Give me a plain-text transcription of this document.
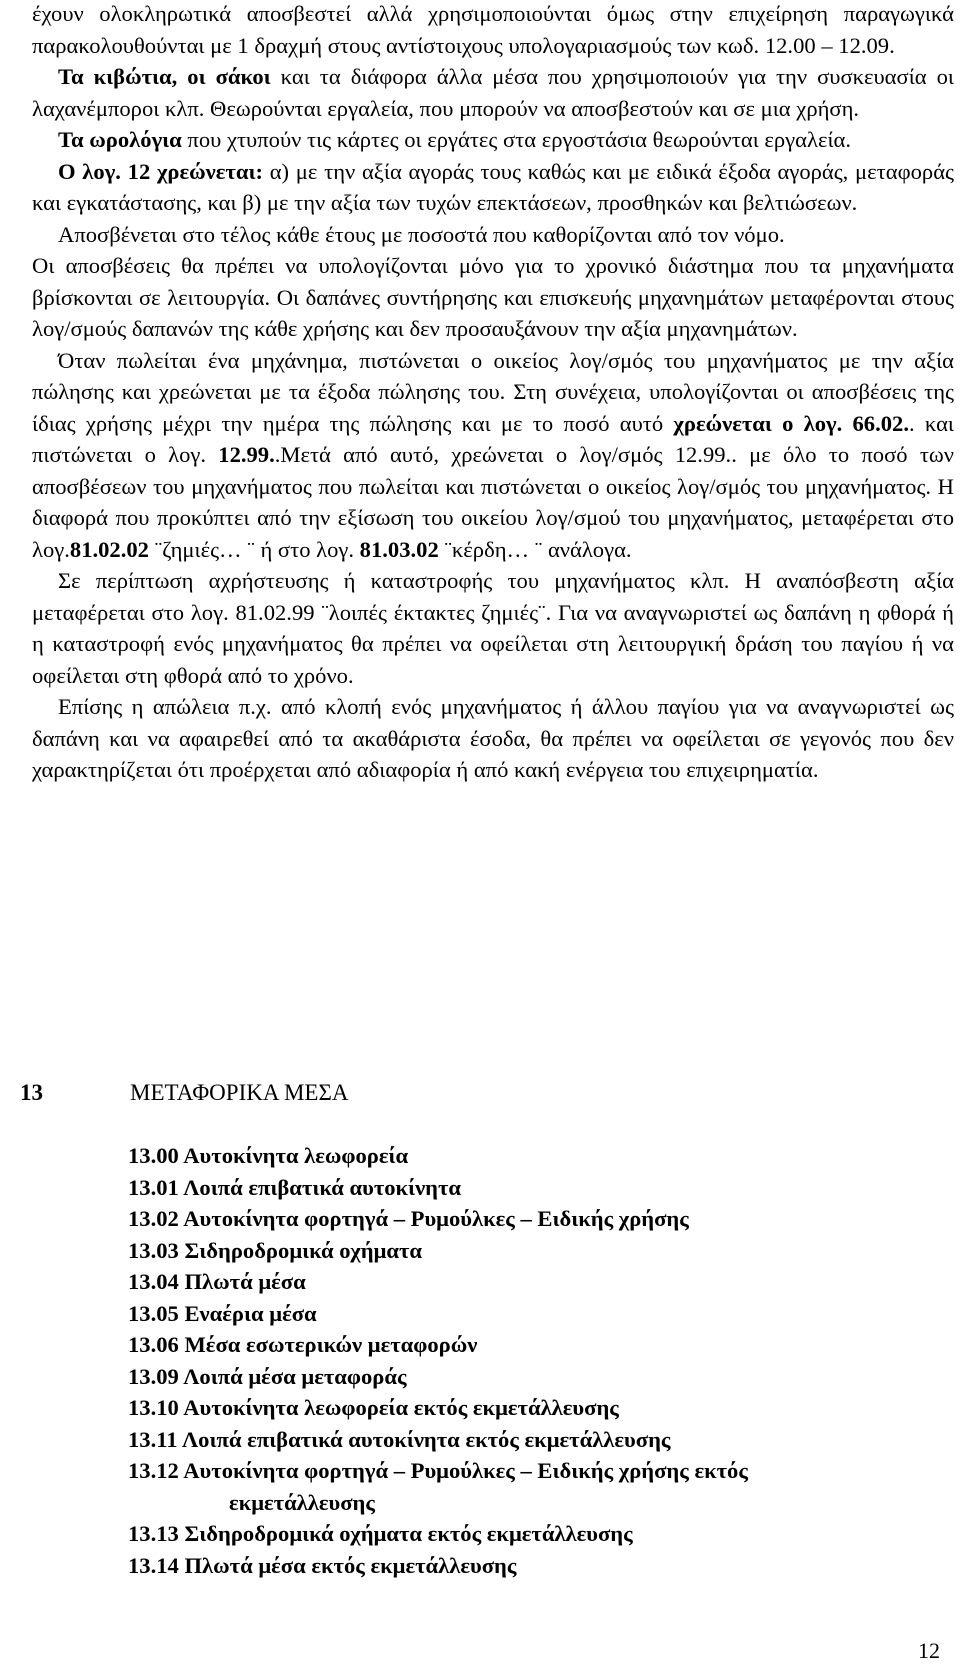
έχουν ολοκληρωτικά αποσβεστεί αλλά χρησιμοποιούνται όμως στην επιχείρηση παραγωγικά παρακολουθούνται με 1 δραχμή στους αντίστοιχους υπολογαριασμούς των κωδ. 12.00 – 12.09.

Τα κιβώτια, οι σάκοι και τα διάφορα άλλα μέσα που χρησιμοποιούν για την συσκευασία οι λαχανέμποροι κλπ. Θεωρούνται εργαλεία, που μπορούν να αποσβεστούν και σε μια χρήση.

Τα ωρολόγια που χτυπούν τις κάρτες οι εργάτες στα εργοστάσια θεωρούνται εργαλεία.

Ο λογ. 12 χρεώνεται: α) με την αξία αγοράς τους καθώς και με ειδικά έξοδα αγοράς, μεταφοράς και εγκατάστασης, και β) με την αξία των τυχών επεκτάσεων, προσθηκών και βελτιώσεων.

Αποσβένεται στο τέλος κάθε έτους με ποσοστά που καθορίζονται από τον νόμο.

Οι αποσβέσεις θα πρέπει να υπολογίζονται μόνο για το χρονικό διάστημα που τα μηχανήματα βρίσκονται σε λειτουργία. Οι δαπάνες συντήρησης και επισκευής μηχανημάτων μεταφέρονται στους λογ/σμούς δαπανών της κάθε χρήσης και δεν προσαυξάνουν την αξία μηχανημάτων.

Όταν πωλείται ένα μηχάνημα, πιστώνεται ο οικείος λογ/σμός του μηχανήματος με την αξία πώλησης και χρεώνεται με τα έξοδα πώλησης του. Στη συνέχεια, υπολογίζονται οι αποσβέσεις της ίδιας χρήσης μέχρι την ημέρα της πώλησης και με το ποσό αυτό χρεώνεται ο λογ. 66.02.. και πιστώνεται ο λογ. 12.99..Μετά από αυτό, χρεώνεται ο λογ/σμός 12.99.. με όλο το ποσό των αποσβέσεων του μηχανήματος που πωλείται και πιστώνεται ο οικείος λογ/σμός του μηχανήματος. Η διαφορά που προκύπτει από την εξίσωση του οικείου λογ/σμού του μηχανήματος, μεταφέρεται στο λογ.81.02.02 ¨ζημιές… ¨ ή στο λογ. 81.03.02 ¨κέρδη… ¨ ανάλογα.

Σε περίπτωση αχρήστευσης ή καταστροφής του μηχανήματος κλπ. Η αναπόσβεστη αξία μεταφέρεται στο λογ. 81.02.99 ¨λοιπές έκτακτες ζημιές¨. Για να αναγνωριστεί ως δαπάνη η φθορά ή η καταστροφή ενός μηχανήματος θα πρέπει να οφείλεται στη λειτουργική δράση του παγίου ή να οφείλεται στη φθορά από το χρόνο.

Επίσης η απώλεια π.χ. από κλοπή ενός μηχανήματος ή άλλου παγίου για να αναγνωριστεί ως δαπάνη και να αφαιρεθεί από τα ακαθάριστα έσοδα, θα πρέπει να οφείλεται σε γεγονός που δεν χαρακτηρίζεται ότι προέρχεται από αδιαφορία ή από κακή ενέργεια του επιχειρηματία.

13	ΜΕΤΑΦΟΡΙΚΑ ΜΕΣΑ
13.00 Αυτοκίνητα λεωφορεία
13.01 Λοιπά επιβατικά αυτοκίνητα
13.02 Αυτοκίνητα φορτηγά – Ρυμούλκες – Ειδικής χρήσης
13.03 Σιδηροδρομικά οχήματα
13.04 Πλωτά μέσα
13.05 Εναέρια μέσα
13.06 Μέσα εσωτερικών μεταφορών
13.09 Λοιπά μέσα μεταφοράς
13.10 Αυτοκίνητα λεωφορεία εκτός εκμετάλλευσης
13.11 Λοιπά επιβατικά αυτοκίνητα εκτός εκμετάλλευσης
13.12 Αυτοκίνητα φορτηγά – Ρυμούλκες – Ειδικής χρήσης εκτός
εκμετάλλευσης
13.13 Σιδηροδρομικά οχήματα εκτός εκμετάλλευσης
13.14 Πλωτά μέσα εκτός εκμετάλλευσης
12
